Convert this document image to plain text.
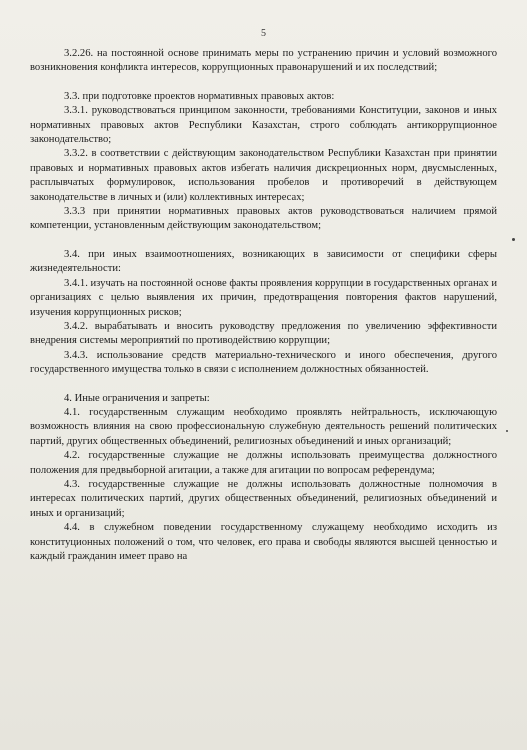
5

3.2.26. на постоянной основе принимать меры по устранению причин и условий возможного возникновения конфликта интересов, коррупционных правонарушений и их последствий;

3.3. при подготовке проектов нормативных правовых актов:

3.3.1. руководствоваться принципом законности, требованиями Конституции, законов и иных нормативных правовых актов Республики Казахстан, строго соблюдать антикоррупционное законодательство;

3.3.2. в соответствии с действующим законодательством Республики Казахстан при принятии правовых и нормативных правовых актов избегать наличия дискреционных норм, двусмысленных, расплывчатых формулировок, использования пробелов и противоречий в действующем законодательстве в личных и (или) коллективных интересах;

3.3.3 при принятии нормативных правовых актов руководствоваться наличием прямой компетенции, установленным действующим законодательством;

3.4. при иных взаимоотношениях, возникающих в зависимости от специфики сферы жизнедеятельности:

3.4.1. изучать на постоянной основе факты проявления коррупции в государственных органах и организациях с целью выявления их причин, предотвращения повторения фактов нарушений, изучения коррупционных рисков;

3.4.2. вырабатывать и вносить руководству предложения по увеличению эффективности внедрения системы мероприятий по противодействию коррупции;

3.4.3. использование средств материально-технического и иного обеспечения, другого государственного имущества только в связи с исполнением должностных обязанностей.

4. Иные ограничения и запреты:

4.1. государственным служащим необходимо проявлять нейтральность, исключающую возможность влияния на свою профессиональную служебную деятельность решений политических партий, других общественных объединений, религиозных объединений и иных организаций;

4.2. государственные служащие не должны использовать преимущества должностного положения для предвыборной агитации, а также для агитации по вопросам референдума;

4.3. государственные служащие не должны использовать должностные полномочия в интересах политических партий, других общественных объединений, религиозных объединений и иных и организаций;

4.4. в служебном поведении государственному служащему необходимо исходить из конституционных положений о том, что человек, его права и свободы являются высшей ценностью и каждый гражданин имеет право на
